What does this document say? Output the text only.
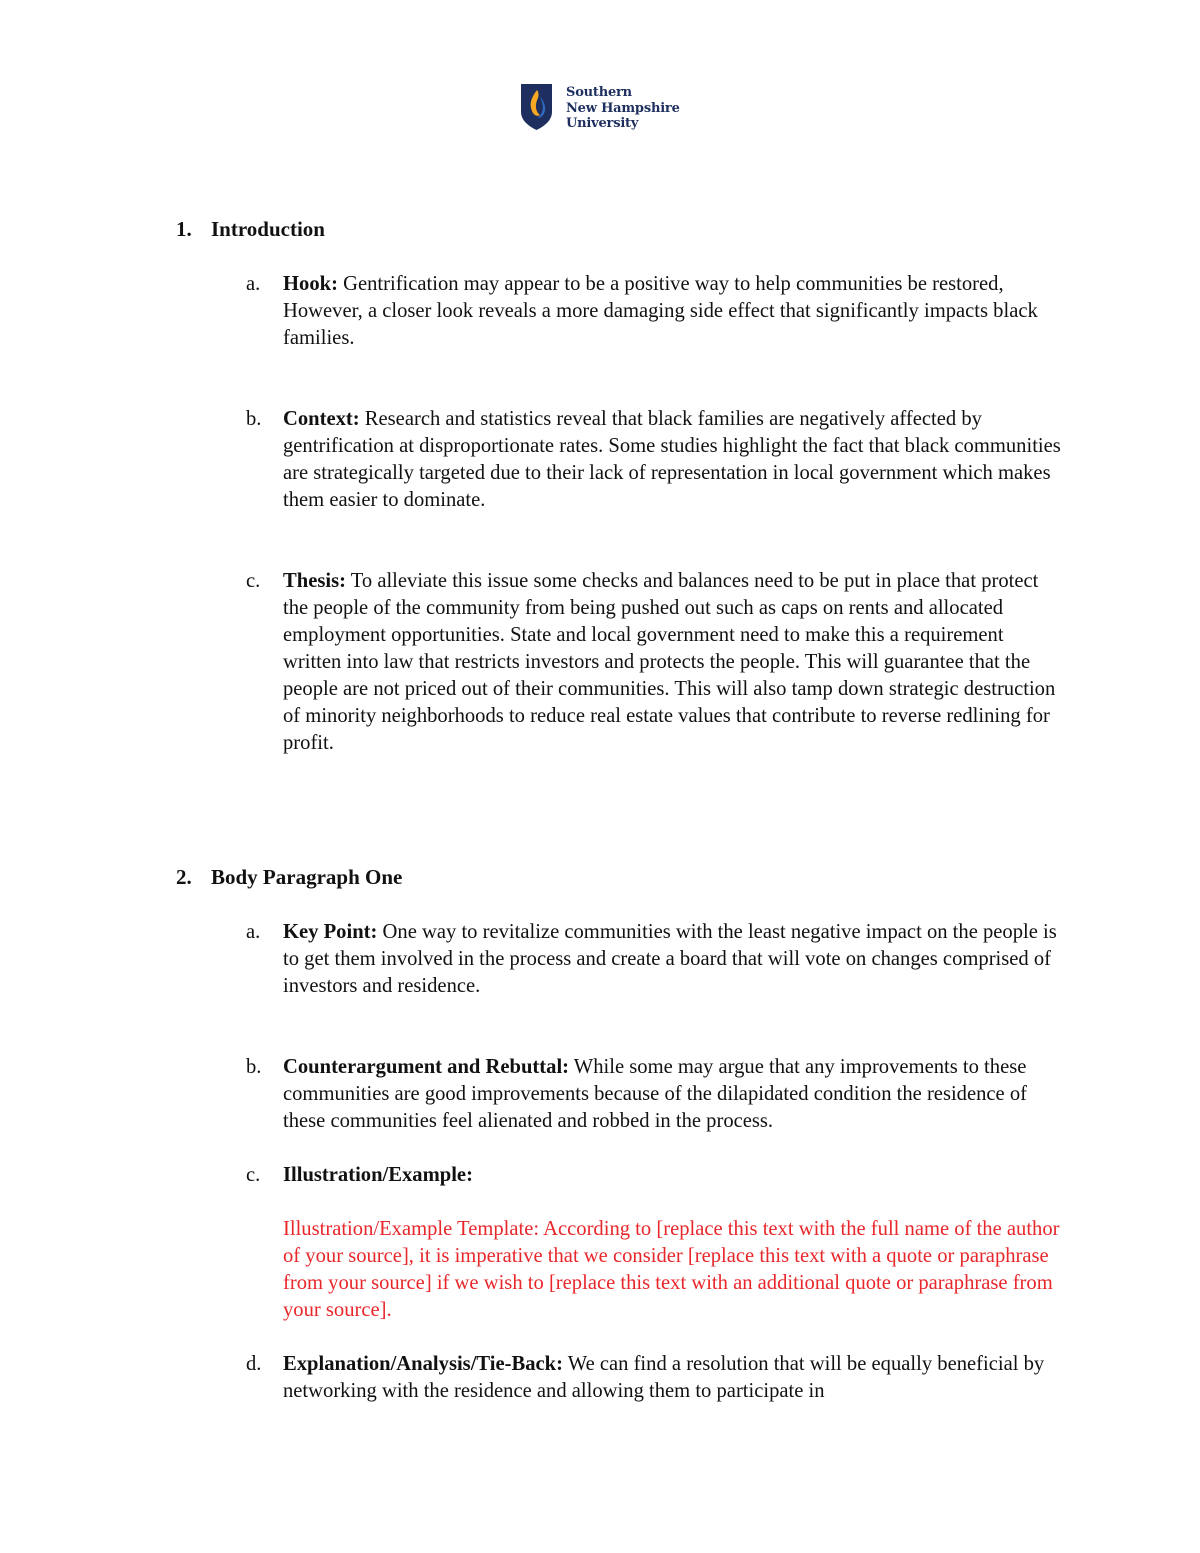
Southern
New Hampshire
University
1. Introduction
a.	Hook: Gentrification may appear to be a positive way to help communities be restored, However, a closer look reveals a more damaging side effect that significantly impacts black families.
b.	Context: Research and statistics reveal that black families are negatively affected by gentrification at disproportionate rates. Some studies highlight the fact that black communities are strategically targeted due to their lack of representation in local government which makes them easier to dominate.
c.	Thesis: To alleviate this issue some checks and balances need to be put in place that protect the people of the community from being pushed out such as caps on rents and allocated employment opportunities. State and local government need to make this a requirement written into law that restricts investors and protects the people. This will guarantee that the people are not priced out of their communities. This will also tamp down strategic destruction of minority neighborhoods to reduce real estate values that contribute to reverse redlining for profit.
2. Body Paragraph One
a.	Key Point: One way to revitalize communities with the least negative impact on the people is to get them involved in the process and create a board that will vote on changes comprised of investors and residence.
b.	Counterargument and Rebuttal: While some may argue that any improvements to these communities are good improvements because of the dilapidated condition the residence of these communities feel alienated and robbed in the process.
c.	Illustration/Example:
Illustration/Example Template: According to [replace this text with the full name of the author of your source], it is imperative that we consider [replace this text with a quote or paraphrase from your source] if we wish to [replace this text with an additional quote or paraphrase from your source].
d.	Explanation/Analysis/Tie-Back: We can find a resolution that will be equally beneficial by networking with the residence and allowing them to participate in
